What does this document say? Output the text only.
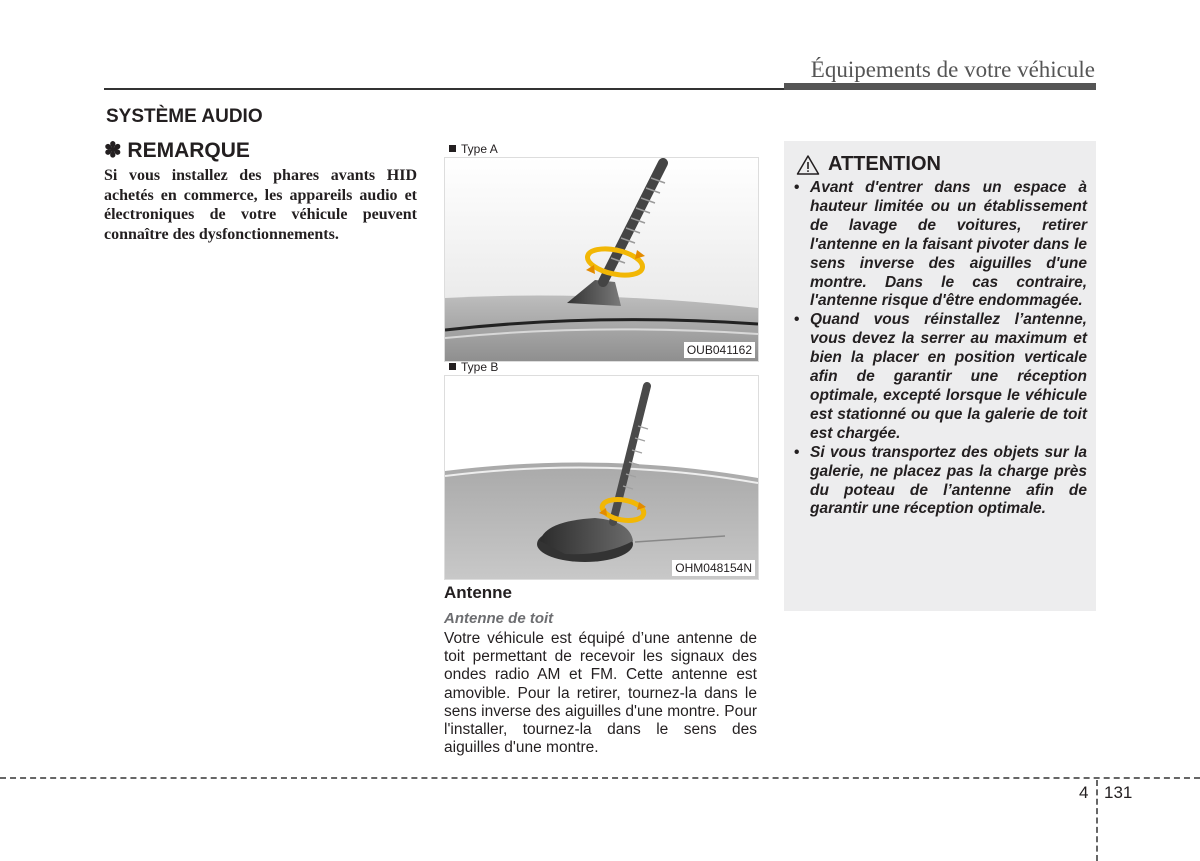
Équipements de votre véhicule
SYSTÈME AUDIO
✽ REMARQUE

Si vous installez des phares avants HID achetés en commerce, les appareils audio et électroniques de votre véhicule peuvent connaître des dysfonctionnements.

Type A
OUB041162
Type B
OHM048154N
Antenne
Antenne de toit

Votre véhicule est équipé d’une antenne de toit permettant de recevoir les signaux des ondes radio AM et FM. Cette antenne est amovible. Pour la retirer, tournez-la dans le sens inverse des aiguilles d'une montre. Pour l'installer, tournez-la dans le sens des aiguilles d'une montre.

ATTENTION
• Avant d'entrer dans un espace à hauteur limitée ou un établissement de lavage de voitures, retirer l'antenne en la faisant pivoter dans le sens inverse des aiguilles d'une montre. Dans le cas contraire, l'antenne risque d'être endommagée.
• Quand vous réinstallez l’antenne, vous devez la serrer au maximum et bien la placer en position verticale afin de garantir une réception optimale, excepté lorsque le véhicule est stationné ou que la galerie de toit est chargée.
• Si vous transportez des objets sur la galerie, ne placez pas la charge près du poteau de l’antenne afin de garantir une réception optimale.
4 131
